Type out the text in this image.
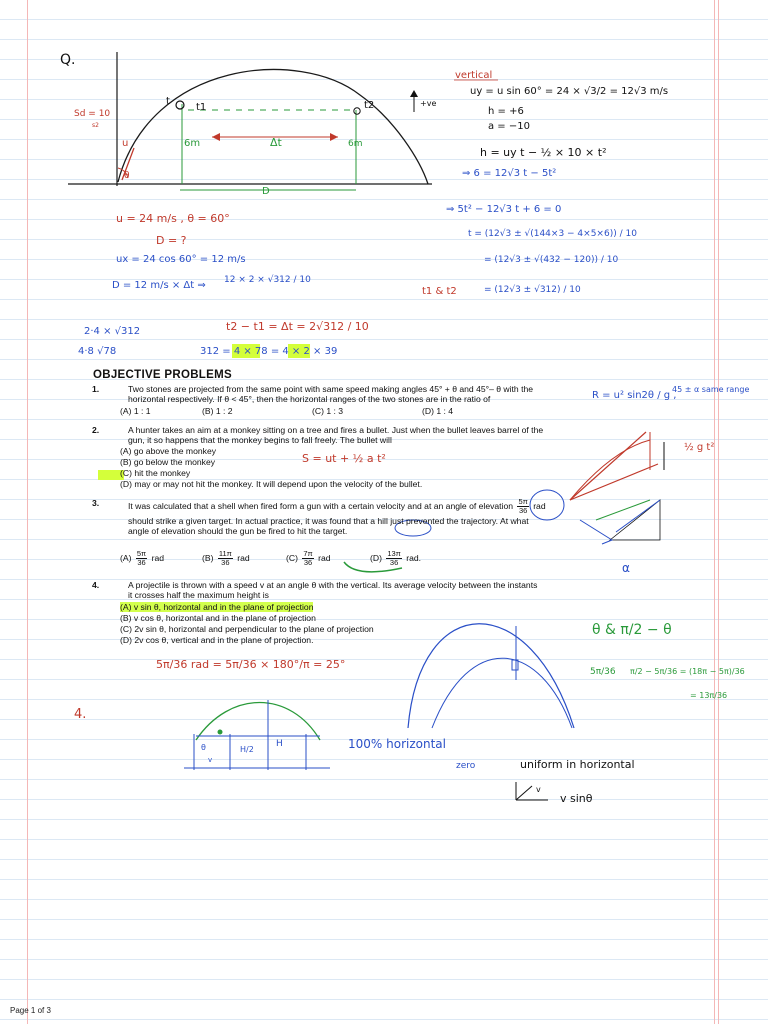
Q.
Sd = 10
s2
t
t1	t2	+ve
u
θ
6m	Δt	6m
D
vertical
uy = u sin 60° = 24 × √3/2 = 12√3 m/s
h = +6
a = −10
h = uy t − ½ × 10 × t²
⇒ 6 = 12√3 t − 5t²
⇒ 5t² − 12√3 t + 6 = 0
t = (12√3 ± √(144×3 − 4×5×6)) / 10
= (12√3 ± √(432 − 120)) / 10
= (12√3 ± √312) / 10
t1 & t2
u = 24 m/s , θ = 60°
D = ?
ux = 24 cos 60° = 12 m/s
D = 12 m/s × Δt ⇒ 12 × 2 × √312 / 10
2·4 × √312
4·8 √78
t2 − t1 = Δt = 2√312 / 10
312 = 4 × 78 = 4 × 2 × 39
R = u² sin2θ / g ,
45 ± α same range
S = ut + ½ a t²
½ g t²
α
θ & π/2 − θ
5π/36 rad = 5π/36 × 180°/π = 25°
5π/36 π/2 − 5π/36 = (18π − 5π)/36
= 13π/36
4.
θ
v
H/2
H	100% horizontal
zero	uniform in horizontal
v
v sinθ
OBJECTIVE PROBLEMS
1.	Two stones are projected from the same point with same speed making angles 45° + θ and 45°– θ with the
horizontal respectively. If θ < 45°, then the horizontal ranges of the two stones are in the ratio of
(A) 1 : 1	(B) 1 : 2	(C) 1 : 3	(D) 1 : 4
2.	A hunter takes an aim at a monkey sitting on a tree and fires a bullet. Just when the bullet leaves barrel of the
gun, it so happens that the monkey begins to fall freely. The bullet will
(A) go above the monkey
(B) go below the monkey
(C) hit the monkey
(D) may or may not hit the monkey. It will depend upon the velocity of the bullet.
3.	It was calculated that a shell when fired form a gun with a certain velocity and at an angle of elevation $\frac{5\pi}{36}$ rad
should strike a given target. In actual practice, it was found that a hill just prevented the trajectory. At what
angle of elevation should the gun be fired to hit the target.
$(A) \frac{5\pi}{36}$ rad	$(B) \frac{11\pi}{36}$ rad	$(C) \frac{7\pi}{36}$ rad	$(D) \frac{13\pi}{36}$ rad.
4.	A projectile is thrown with a speed v at an angle θ with the vertical. Its average velocity between the instants
it crosses half the maximum height is
(A) v sin θ, horizontal and in the plane of projection
(B) v cos θ, horizontal and in the plane of projection
(C) 2v sin θ, horizontal and perpendicular to the plane of projection
(D) 2v cos θ, vertical and in the plane of projection.
Page 1 of 3
